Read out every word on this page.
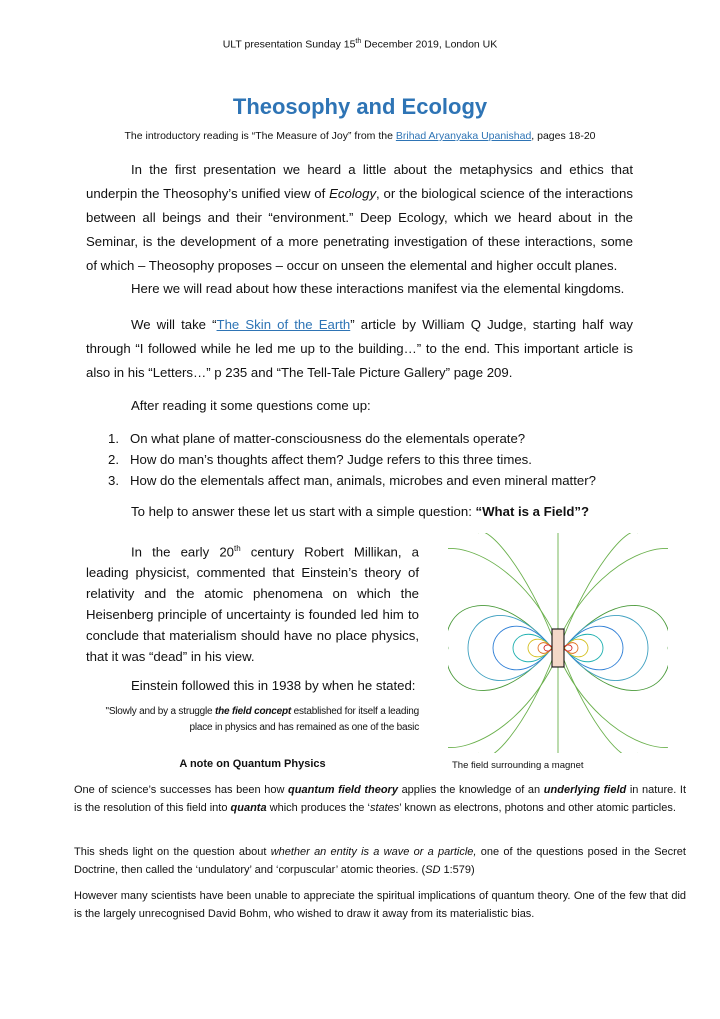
ULT presentation Sunday 15th December 2019, London UK
Theosophy and Ecology
The introductory reading is “The Measure of Joy” from the Brihad Aryanyaka Upanishad, pages 18-20
In the first presentation we heard a little about the metaphysics and ethics that underpin the Theosophy’s unified view of Ecology, or the biological science of the interactions between all beings and their “environment.” Deep Ecology, which we heard about in the Seminar, is the development of a more penetrating investigation of these interactions, some of which – Theosophy proposes – occur on unseen the elemental and higher occult planes.
Here we will read about how these interactions manifest via the elemental kingdoms.
We will take “The Skin of the Earth” article by William Q Judge, starting half way through “I followed while he led me up to the building…” to the end. This important article is also in his “Letters…” p 235 and “The Tell-Tale Picture Gallery” page 209.
After reading it some questions come up:
1. On what plane of matter-consciousness do the elementals operate?
2. How do man’s thoughts affect them? Judge refers to this three times.
3. How do the elementals affect man, animals, microbes and even mineral matter?
To help to answer these let us start with a simple question: “What is a Field”?
In the early 20th century Robert Millikan, a leading physicist, commented that Einstein’s theory of relativity and the atomic phenomena on which the Heisenberg principle of uncertainty is founded led him to conclude that materialism should have no place physics, that it was “dead” in his view.
Einstein followed this in 1938 by when he stated:
"Slowly and by a struggle the field concept established for itself a leading place in physics and has remained as one of the basic
A note on Quantum Physics	The field surrounding a magnet
One of science’s successes has been how quantum field theory applies the knowledge of an underlying field in nature. It is the resolution of this field into quanta which produces the ‘states’ known as electrons, photons and other atomic particles.
This sheds light on the question about whether an entity is a wave or a particle, one of the questions posed in the Secret Doctrine, then called the ‘undulatory’ and ‘corpuscular’ atomic theories. (SD 1:579)
However many scientists have been unable to appreciate the spiritual implications of quantum theory. One of the few that did is the largely unrecognised David Bohm, who wished to draw it away from its materialistic bias.
